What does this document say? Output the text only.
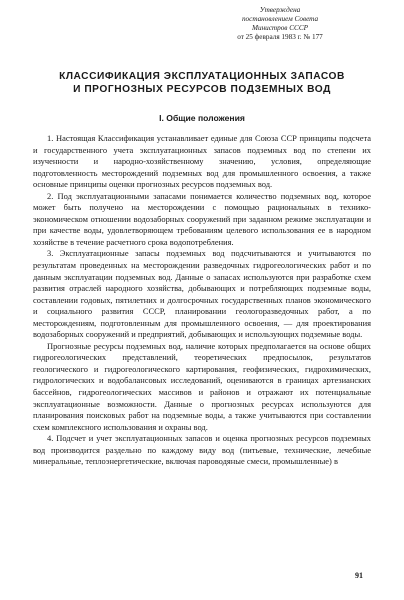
Утверждена
постановлением Совета
Министров СССР
от 25 февраля 1983 г. № 177
КЛАССИФИКАЦИЯ ЭКСПЛУАТАЦИОННЫХ ЗАПАСОВ
И ПРОГНОЗНЫХ РЕСУРСОВ ПОДЗЕМНЫХ ВОД
I. Общие положения

1. Настоящая Классификация устанавливает единые для Союза ССР принципы подсчета и государственного учета эксплуатационных запасов подземных вод по степени их изученности и народно-хозяйственному значению, условия, определяющие подготовленность месторождений подземных вод для промышленного освоения, а также основные принципы оценки прогнозных ресурсов подземных вод.

2. Под эксплуатационными запасами понимается количество подземных вод, которое может быть получено на месторождении с помощью рациональных в технико-экономическом отношении водозаборных сооружений при заданном режиме эксплуатации и при качестве воды, удовлетворяющем требованиям целевого использования ее в народном хозяйстве в течение расчетного срока водопотребления.

3. Эксплуатационные запасы подземных вод подсчитываются и учитываются по результатам проведенных на месторождении разведочных гидрогеологических работ и по данным эксплуатации подземных вод. Данные о запасах используются при разработке схем развития отраслей народного хозяйства, добывающих и потребляющих подземные воды, составлении годовых, пятилетних и долгосрочных государственных планов экономического и социального развития СССР, планировании геологоразведочных работ, а по месторождениям, подготовленным для промышленного освоения, — для проектирования водозаборных сооружений и предприятий, добывающих и использующих подземные воды.

Прогнозные ресурсы подземных вод, наличие которых предполагается на основе общих гидрогеологических представлений, теоретических предпосылок, результатов геологического и гидрогеологического картирования, геофизических, гидрохимических, гидрологических и водобалансовых исследований, оцениваются в границах артезианских бассейнов, гидрогеологических массивов и районов и отражают их потенциальные эксплуатационные возможности. Данные о прогнозных ресурсах используются для планирования поисковых работ на подземные воды, а также учитываются при составлении схем комплексного использования и охраны вод.

4. Подсчет и учет эксплуатационных запасов и оценка прогнозных ресурсов подземных вод производится раздельно по каждому виду вод (питьевые, технические, лечебные минеральные, теплоэнергетические, включая пароводяные смеси, промышленные) в

91
